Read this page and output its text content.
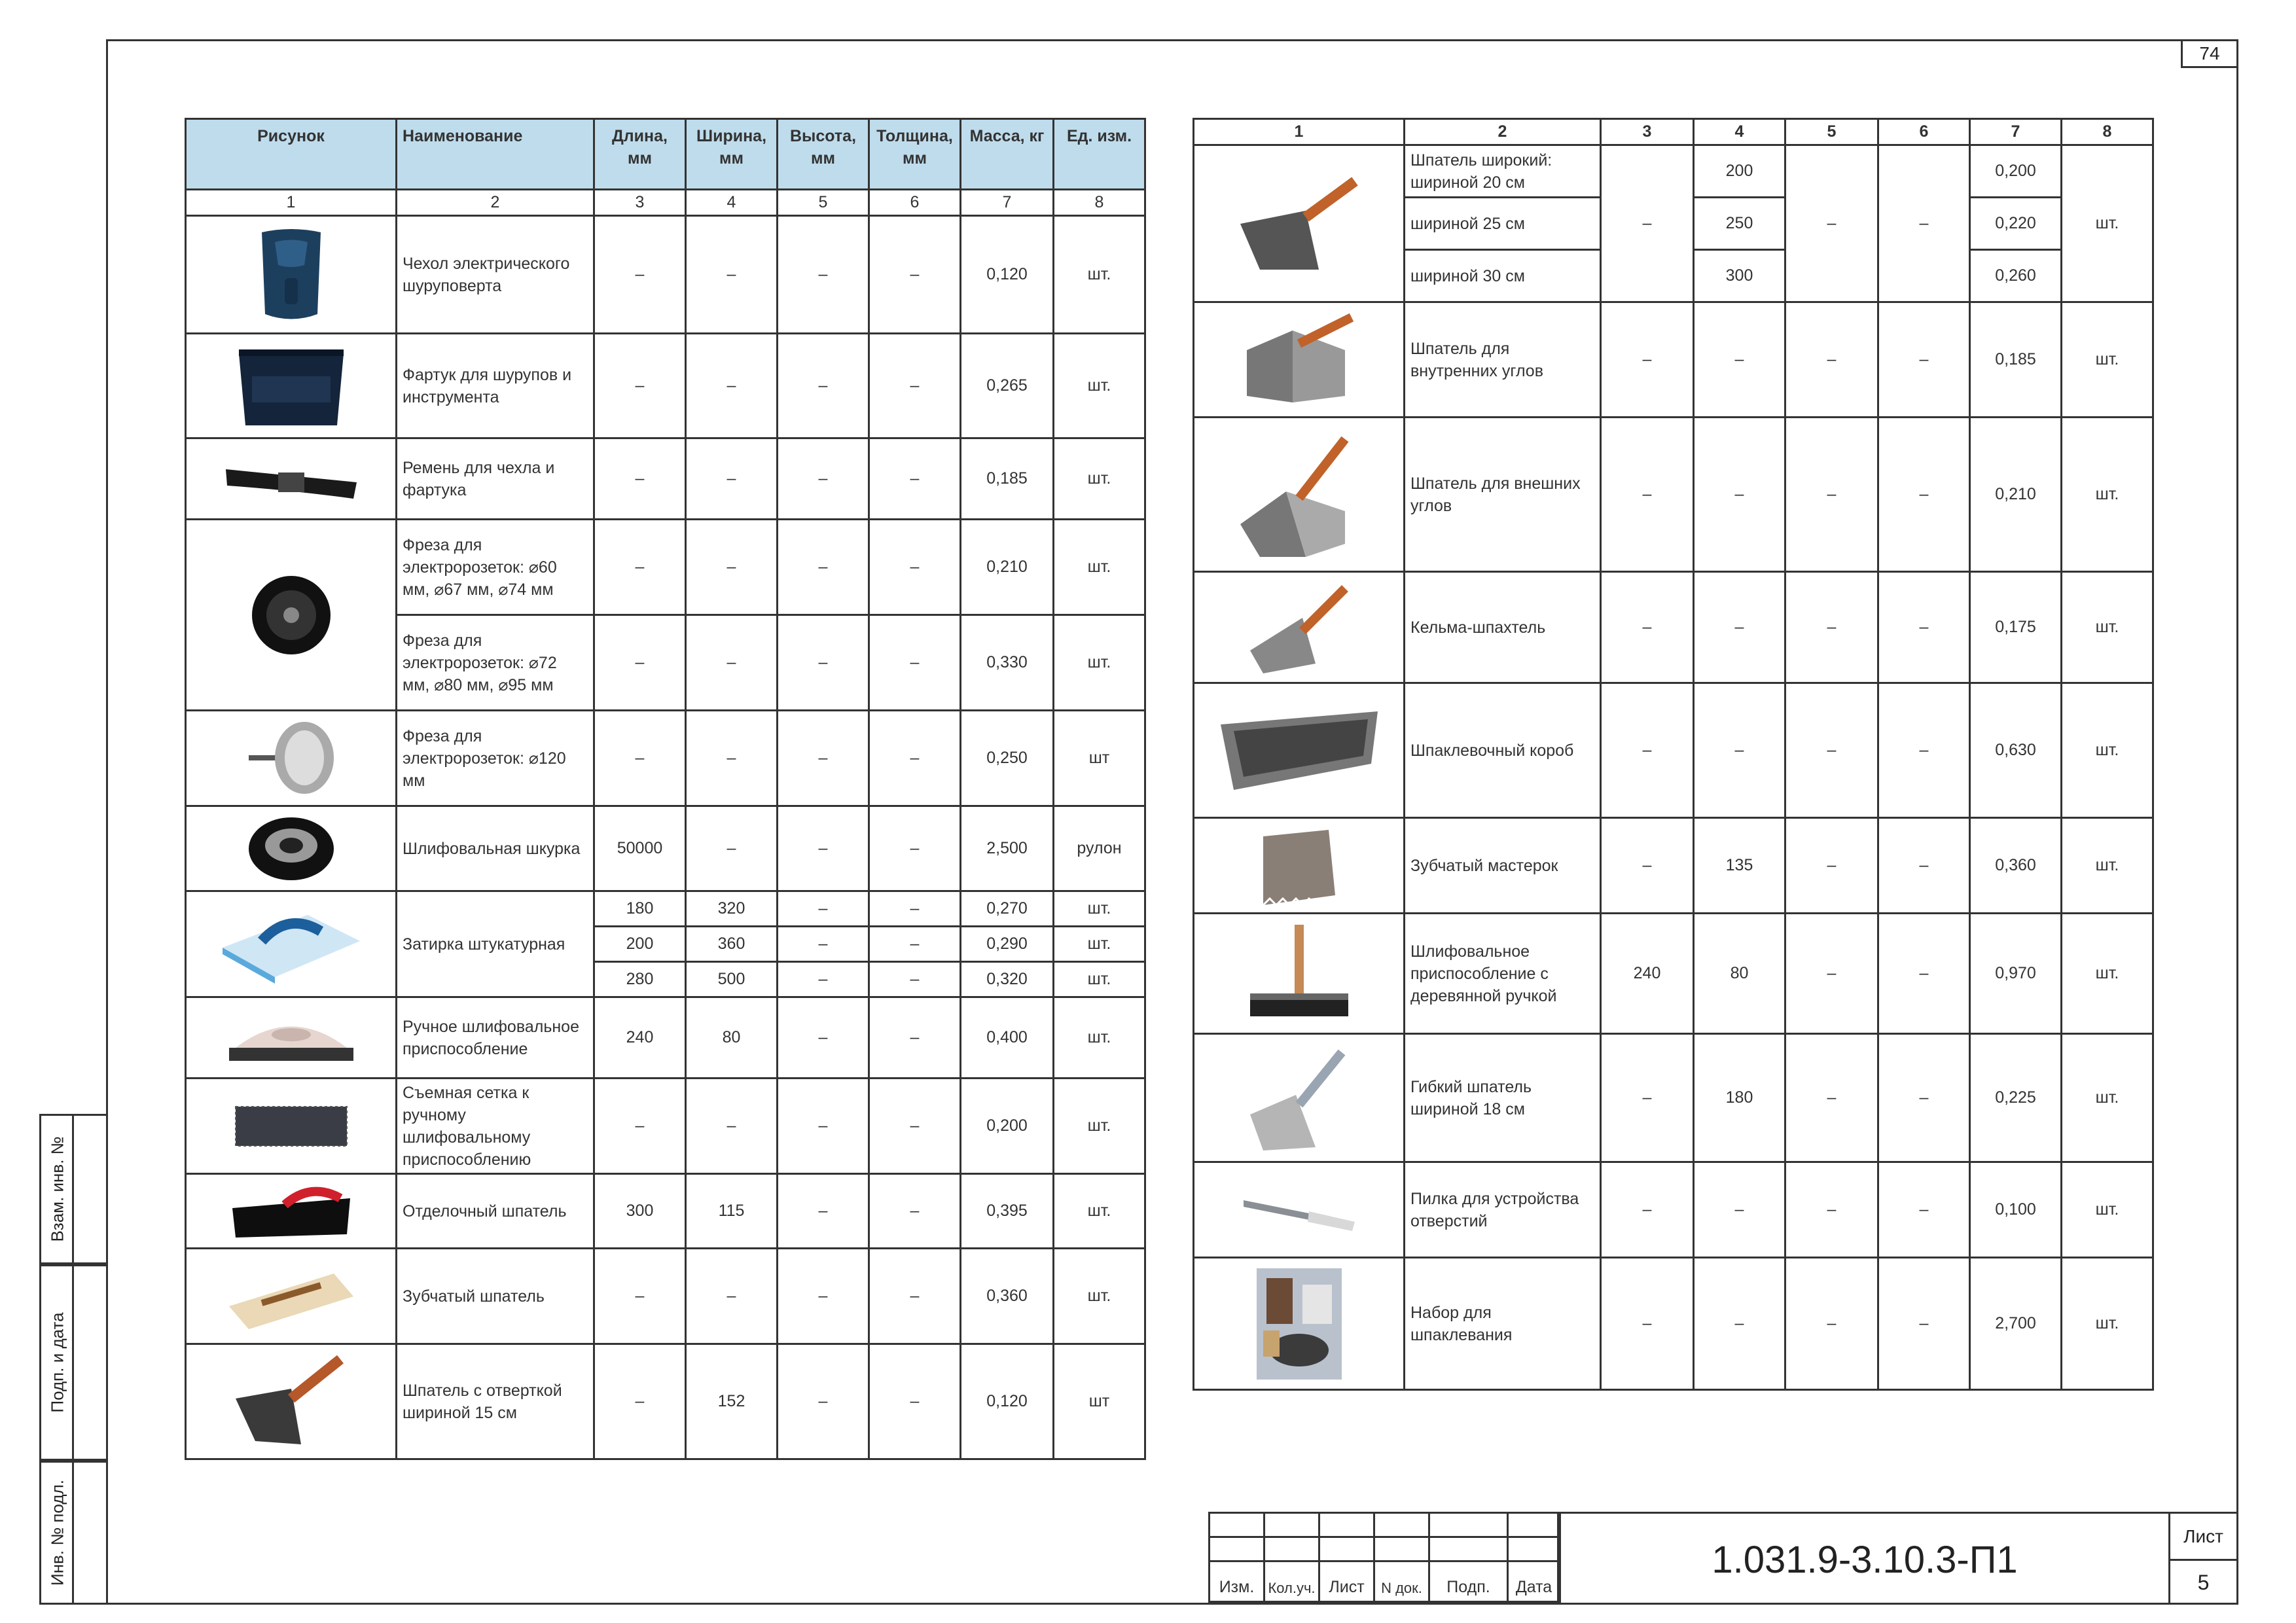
74
Взам. инв. №
Подп. и дата
Инв. № подл.
Рисунок	Наименование	Длина, мм	Ширина, мм	Высота, мм	Толщина, мм	Масса, кг	Ед. изм.
1	2	3	4	5	6	7	8

	Чехол электрического шуруповерта	–	–	–	–	0,120	шт.

	Фартук для шурупов и инструмента	–	–	–	–	0,265	шт.

	Ремень для чехла и фартука	–	–	–	–	0,185	шт.

	Фреза для электророзеток: ⌀60 мм, ⌀67 мм, ⌀74 мм	–	–	–	–	0,210	шт.
	Фреза для электророзеток: ⌀72 мм, ⌀80 мм, ⌀95 мм	–	–	–	–	0,330	шт.

	Фреза для электророзеток: ⌀120 мм	–	–	–	–	0,250	шт

	Шлифовальная шкурка	50000	–	–	–	2,500	рулон

	Затирка штукатурная	180	320	–	–	0,270	шт.
		200	360	–	–	0,290	шт.
		280	500	–	–	0,320	шт.

	Ручное шлифовальное приспособление	240	80	–	–	0,400	шт.

	Съемная сетка к ручному шлифовальному приспособлению	–	–	–	–	0,200	шт.

	Отделочный шпатель	300	115	–	–	0,395	шт.

	Зубчатый шпатель	–	–	–	–	0,360	шт.

	Шпатель с отверткой шириной 15 см	–	152	–	–	0,120	шт
1	2	3	4	5	6	7	8

	Шпатель широкий: шириной 20 см	–	200	–	–	0,200	шт.
	шириной 25 см		250			0,220	
	шириной 30 см		300			0,260	

	Шпатель для внутренних углов	–	–	–	–	0,185	шт.

	Шпатель для внешних углов	–	–	–	–	0,210	шт.

	Кельма-шпахтель	–	–	–	–	0,175	шт.

	Шпаклевочный короб	–	–	–	–	0,630	шт.

	Зубчатый мастерок	–	135	–	–	0,360	шт.

	Шлифовальное приспособление с деревянной ручкой	240	80	–	–	0,970	шт.

	Гибкий шпатель шириной 18 см	–	180	–	–	0,225	шт.

	Пилка для устройства отверстий	–	–	–	–	0,100	шт.

	Набор для шпаклевания	–	–	–	–	2,700	шт.

Изм.	Кол.уч.	Лист	N док.	Подп.	Дата
1.031.9-3.10.3-П1
Лист
5
